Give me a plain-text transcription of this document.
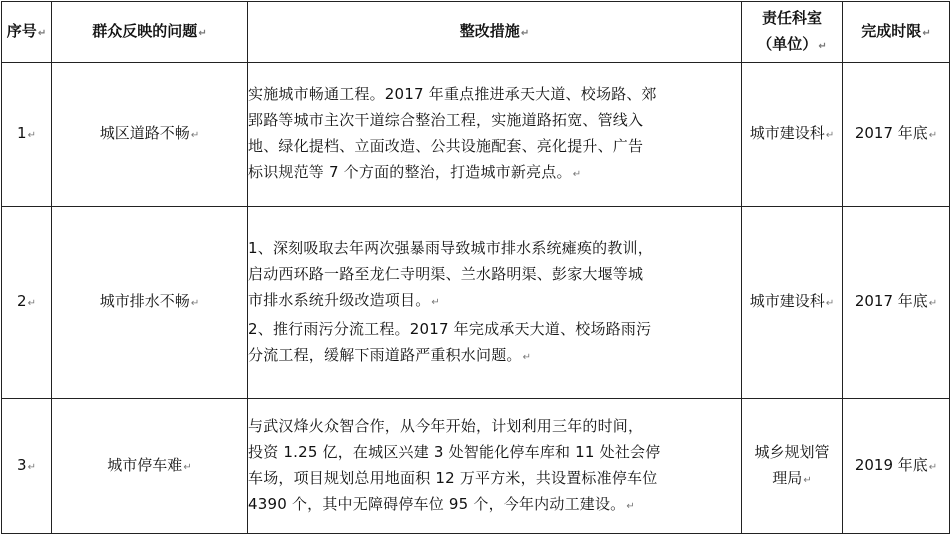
序号↵	群众反映的问题↵	整改措施↵	责任科室
（单位）↵	完成时限↵
1↵	城区道路不畅↵	实施城市畅通工程。2017 年重点推进承天大道、校场路、郊
郢路等城市主次干道综合整治工程，实施道路拓宽、管线入
地、绿化提档、立面改造、公共设施配套、亮化提升、广告
标识规范等 7 个方面的整治，打造城市新亮点。↵	城市建设科↵	2017 年底↵
2↵	城市排水不畅↵	1、深刻吸取去年两次强暴雨导致城市排水系统瘫痪的教训，
启动西环路一路至龙仁寺明渠、兰水路明渠、彭家大堰等城
市排水系统升级改造项目。↵
2、推行雨污分流工程。2017 年完成承天大道、校场路雨污
分流工程，缓解下雨道路严重积水问题。↵	城市建设科↵	2017 年底↵
3↵	城市停车难↵	与武汉烽火众智合作，从今年开始，计划利用三年的时间，
投资 1.25 亿，在城区兴建 3 处智能化停车库和 11 处社会停
车场，项目规划总用地面积 12 万平方米，共设置标准停车位
4390 个，其中无障碍停车位 95 个，今年内动工建设。↵	城乡规划管
理局↵	2019 年底↵
